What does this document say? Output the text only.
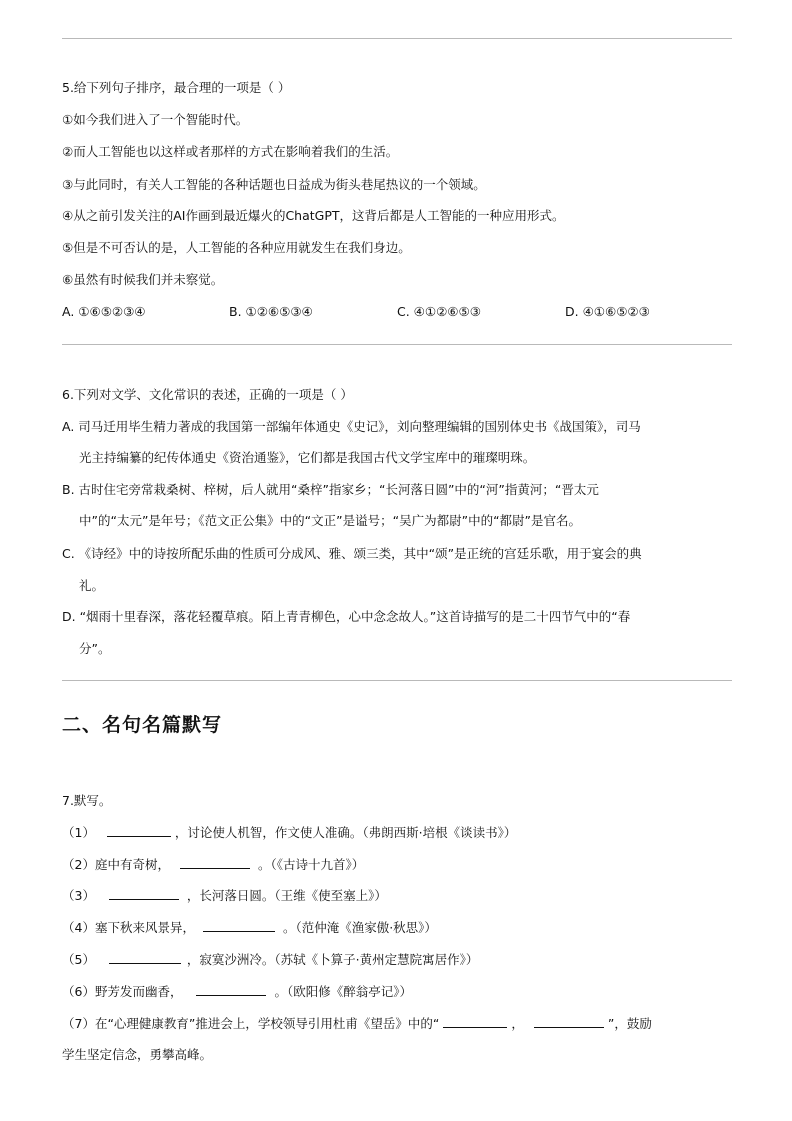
5.给下列句子排序，最合理的一项是（ ）
①如今我们进入了一个智能时代。
②而人工智能也以这样或者那样的方式在影响着我们的生活。
③与此同时，有关人工智能的各种话题也日益成为街头巷尾热议的一个领域。
④从之前引发关注的AI作画到最近爆火的ChatGPT，这背后都是人工智能的一种应用形式。
⑤但是不可否认的是，人工智能的各种应用就发生在我们身边。
⑥虽然有时候我们并未察觉。
A. ①⑥⑤②③④	B. ①②⑥⑤③④	C. ④①②⑥⑤③	D. ④①⑥⑤②③
6.下列对文学、文化常识的表述，正确的一项是（ ）
A. 司马迁用毕生精力著成的我国第一部编年体通史《史记》，刘向整理编辑的国别体史书《战国策》，司马
光主持编纂的纪传体通史《资治通鉴》，它们都是我国古代文学宝库中的璀璨明珠。
B. 古时住宅旁常栽桑树、梓树，后人就用“桑梓”指家乡；“长河落日圆”中的“河”指黄河；“晋太元
中”的“太元”是年号；《范文正公集》中的“文正”是谥号；“吴广为都尉”中的“都尉”是官名。
C. 《诗经》中的诗按所配乐曲的性质可分成风、雅、颂三类，其中“颂”是正统的宫廷乐歌，用于宴会的典
礼。
D. “烟雨十里春深，落花轻覆草痕。陌上青青柳色，心中念念故人。”这首诗描写的是二十四节气中的“春
分”。
二、名句名篇默写
7.默写。
（1）	，讨论使人机智，作文使人准确。（弗朗西斯·培根《谈读书》）
（2）庭中有奇树，	。（《古诗十九首》）
（3）	，长河落日圆。（王维《使至塞上》）
（4）塞下秋来风景异，	。（范仲淹《渔家傲·秋思》）
（5）	，寂寞沙洲冷。（苏轼《卜算子·黄州定慧院寓居作》）
（6）野芳发而幽香，	。（欧阳修《醉翁亭记》）
（7）在“心理健康教育”推进会上，学校领导引用杜甫《望岳》中的“	，	”，鼓励
学生坚定信念，勇攀高峰。
